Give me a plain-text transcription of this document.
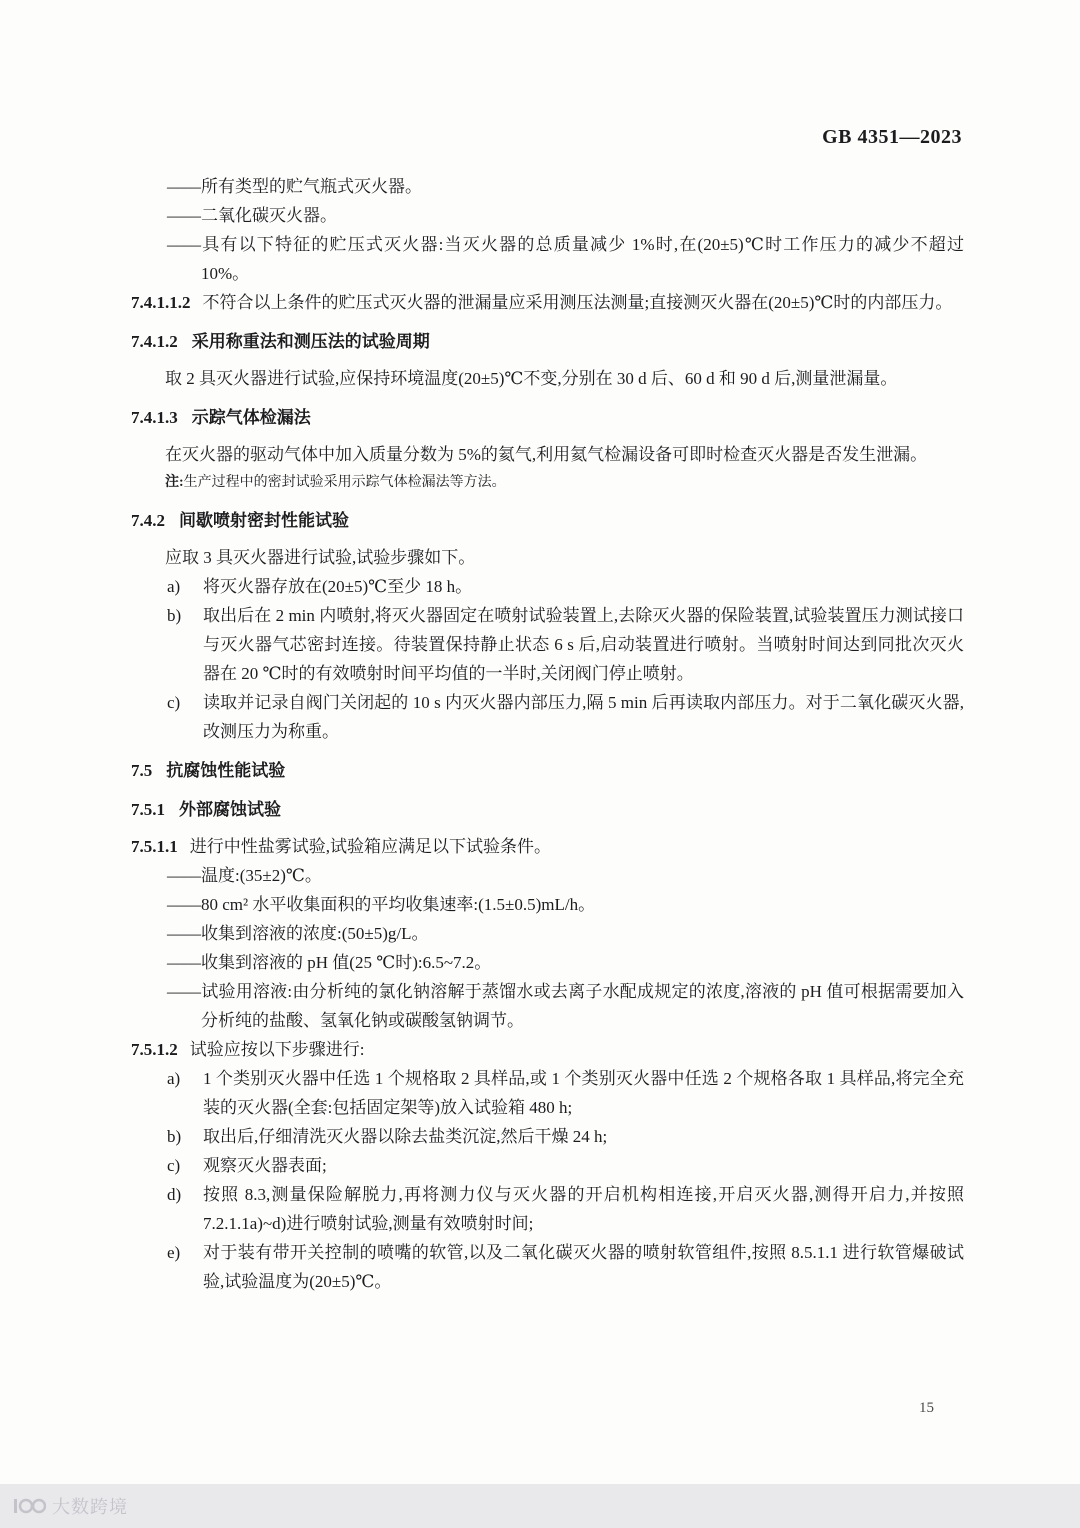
GB 4351—2023

——所有类型的贮气瓶式灭火器。

——二氧化碳灭火器。

——具有以下特征的贮压式灭火器:当灭火器的总质量减少 1%时,在(20±5)℃时工作压力的减少不超过 10%。

7.4.1.1.2 不符合以上条件的贮压式灭火器的泄漏量应采用测压法测量;直接测灭火器在(20±5)℃时的内部压力。

7.4.1.2 采用称重法和测压法的试验周期

取 2 具灭火器进行试验,应保持环境温度(20±5)℃不变,分别在 30 d 后、60 d 和 90 d 后,测量泄漏量。

7.4.1.3 示踪气体检漏法

在灭火器的驱动气体中加入质量分数为 5%的氦气,利用氦气检漏设备可即时检查灭火器是否发生泄漏。

注:生产过程中的密封试验采用示踪气体检漏法等方法。

7.4.2 间歇喷射密封性能试验

应取 3 具灭火器进行试验,试验步骤如下。

a)	将灭火器存放在(20±5)℃至少 18 h。
b)	取出后在 2 min 内喷射,将灭火器固定在喷射试验装置上,去除灭火器的保险装置,试验装置压力测试接口与灭火器气芯密封连接。待装置保持静止状态 6 s 后,启动装置进行喷射。当喷射时间达到同批次灭火器在 20 ℃时的有效喷射时间平均值的一半时,关闭阀门停止喷射。
c)	读取并记录自阀门关闭起的 10 s 内灭火器内部压力,隔 5 min 后再读取内部压力。对于二氧化碳灭火器,改测压力为称重。

7.5 抗腐蚀性能试验

7.5.1 外部腐蚀试验

7.5.1.1 进行中性盐雾试验,试验箱应满足以下试验条件。

——温度:(35±2)℃。

——80 cm² 水平收集面积的平均收集速率:(1.5±0.5)mL/h。

——收集到溶液的浓度:(50±5)g/L。

——收集到溶液的 pH 值(25 ℃时):6.5~7.2。

——试验用溶液:由分析纯的氯化钠溶解于蒸馏水或去离子水配成规定的浓度,溶液的 pH 值可根据需要加入分析纯的盐酸、氢氧化钠或碳酸氢钠调节。

7.5.1.2 试验应按以下步骤进行:

a)	1 个类别灭火器中任选 1 个规格取 2 具样品,或 1 个类别灭火器中任选 2 个规格各取 1 具样品,将完全充装的灭火器(全套:包括固定架等)放入试验箱 480 h;
b)	取出后,仔细清洗灭火器以除去盐类沉淀,然后干燥 24 h;
c)	观察灭火器表面;
d)	按照 8.3,测量保险解脱力,再将测力仪与灭火器的开启机构相连接,开启灭火器,测得开启力,并按照 7.2.1.1a)~d)进行喷射试验,测量有效喷射时间;
e)	对于装有带开关控制的喷嘴的软管,以及二氧化碳灭火器的喷射软管组件,按照 8.5.1.1 进行软管爆破试验,试验温度为(20±5)℃。
15
大数跨境
